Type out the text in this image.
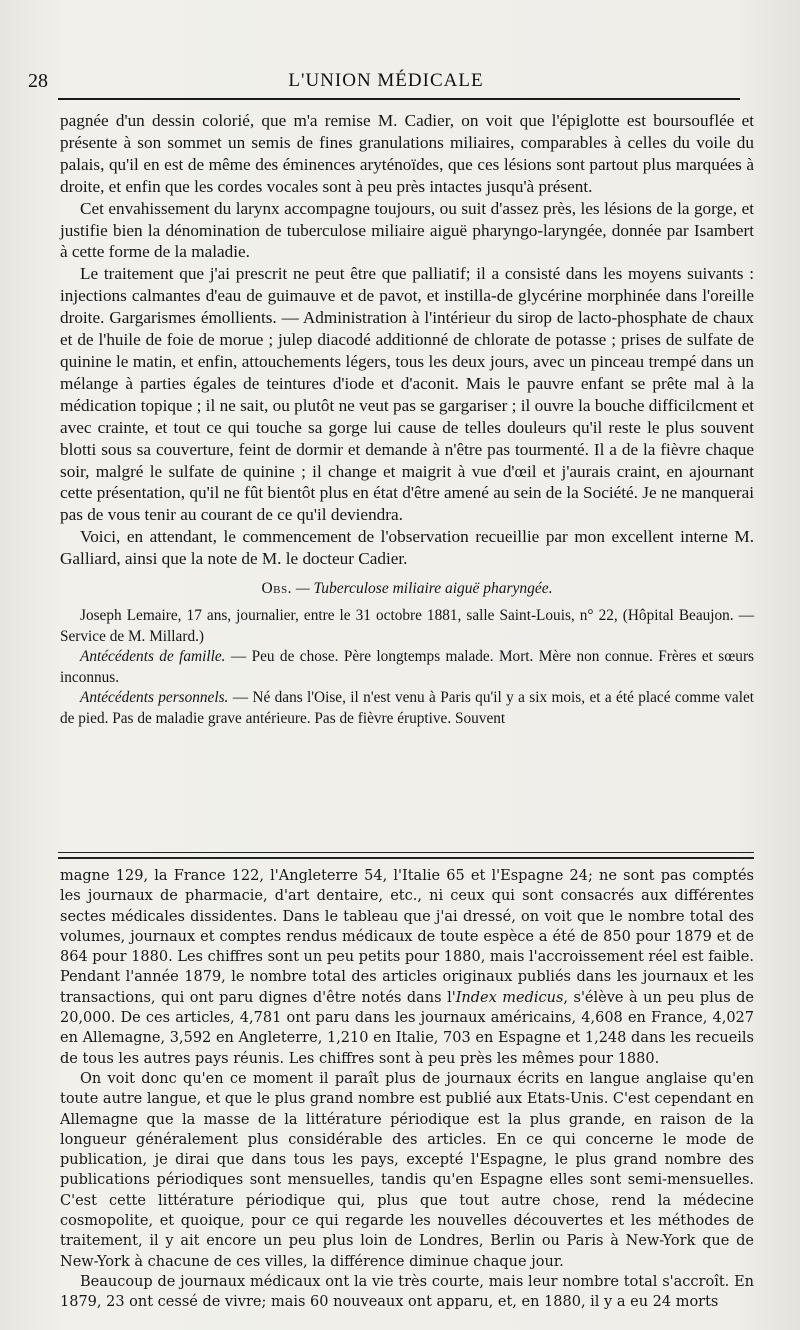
28	L'UNION MÉDICALE

pagnée d'un dessin colorié, que m'a remise M. Cadier, on voit que l'épiglotte est boursouflée et présente à son sommet un semis de fines granulations miliaires, comparables à celles du voile du palais, qu'il en est de même des éminences aryténoïdes, que ces lésions sont partout plus marquées à droite, et enfin que les cordes vocales sont à peu près intactes jusqu'à présent.

Cet envahissement du larynx accompagne toujours, ou suit d'assez près, les lésions de la gorge, et justifie bien la dénomination de tuberculose miliaire aiguë pharyngo-laryngée, donnée par Isambert à cette forme de la maladie.

Le traitement que j'ai prescrit ne peut être que palliatif; il a consisté dans les moyens suivants : injections calmantes d'eau de guimauve et de pavot, et instilla-de glycérine morphinée dans l'oreille droite. Gargarismes émollients. — Administration à l'intérieur du sirop de lacto-phosphate de chaux et de l'huile de foie de morue ; julep diacodé additionné de chlorate de potasse ; prises de sulfate de quinine le matin, et enfin, attouchements légers, tous les deux jours, avec un pinceau trempé dans un mélange à parties égales de teintures d'iode et d'aconit. Mais le pauvre enfant se prête mal à la médication topique ; il ne sait, ou plutôt ne veut pas se gargariser ; il ouvre la bouche difficilcment et avec crainte, et tout ce qui touche sa gorge lui cause de telles douleurs qu'il reste le plus souvent blotti sous sa couverture, feint de dormir et demande à n'être pas tourmenté. Il a de la fièvre chaque soir, malgré le sulfate de quinine ; il change et maigrit à vue d'œil et j'aurais craint, en ajournant cette présentation, qu'il ne fût bientôt plus en état d'être amené au sein de la Société. Je ne manquerai pas de vous tenir au courant de ce qu'il deviendra.

Voici, en attendant, le commencement de l'observation recueillie par mon excellent interne M. Galliard, ainsi que la note de M. le docteur Cadier.

Obs. — Tuberculose miliaire aiguë pharyngée.

Joseph Lemaire, 17 ans, journalier, entre le 31 octobre 1881, salle Saint-Louis, n° 22, (Hôpital Beaujon. — Service de M. Millard.)

Antécédents de famille. — Peu de chose. Père longtemps malade. Mort. Mère non connue. Frères et sœurs inconnus.

Antécédents personnels. — Né dans l'Oise, il n'est venu à Paris qu'il y a six mois, et a été placé comme valet de pied. Pas de maladie grave antérieure. Pas de fièvre éruptive. Souvent

magne 129, la France 122, l'Angleterre 54, l'Italie 65 et l'Espagne 24; ne sont pas comptés les journaux de pharmacie, d'art dentaire, etc., ni ceux qui sont consacrés aux différentes sectes médicales dissidentes. Dans le tableau que j'ai dressé, on voit que le nombre total des volumes, journaux et comptes rendus médicaux de toute espèce a été de 850 pour 1879 et de 864 pour 1880. Les chiffres sont un peu petits pour 1880, mais l'accroissement réel est faible. Pendant l'année 1879, le nombre total des articles originaux publiés dans les journaux et les transactions, qui ont paru dignes d'être notés dans l'Index medicus, s'élève à un peu plus de 20,000. De ces articles, 4,781 ont paru dans les journaux américains, 4,608 en France, 4,027 en Allemagne, 3,592 en Angleterre, 1,210 en Italie, 703 en Espagne et 1,248 dans les recueils de tous les autres pays réunis. Les chiffres sont à peu près les mêmes pour 1880.

On voit donc qu'en ce moment il paraît plus de journaux écrits en langue anglaise qu'en toute autre langue, et que le plus grand nombre est publié aux Etats-Unis. C'est cependant en Allemagne que la masse de la littérature périodique est la plus grande, en raison de la longueur généralement plus considérable des articles. En ce qui concerne le mode de publication, je dirai que dans tous les pays, excepté l'Espagne, le plus grand nombre des publications périodiques sont mensuelles, tandis qu'en Espagne elles sont semi-mensuelles. C'est cette littérature périodique qui, plus que tout autre chose, rend la médecine cosmopolite, et quoique, pour ce qui regarde les nouvelles découvertes et les méthodes de traitement, il y ait encore un peu plus loin de Londres, Berlin ou Paris à New-York que de New-York à chacune de ces villes, la différence diminue chaque jour.

Beaucoup de journaux médicaux ont la vie très courte, mais leur nombre total s'accroît. En 1879, 23 ont cessé de vivre; mais 60 nouveaux ont apparu, et, en 1880, il y a eu 24 morts
